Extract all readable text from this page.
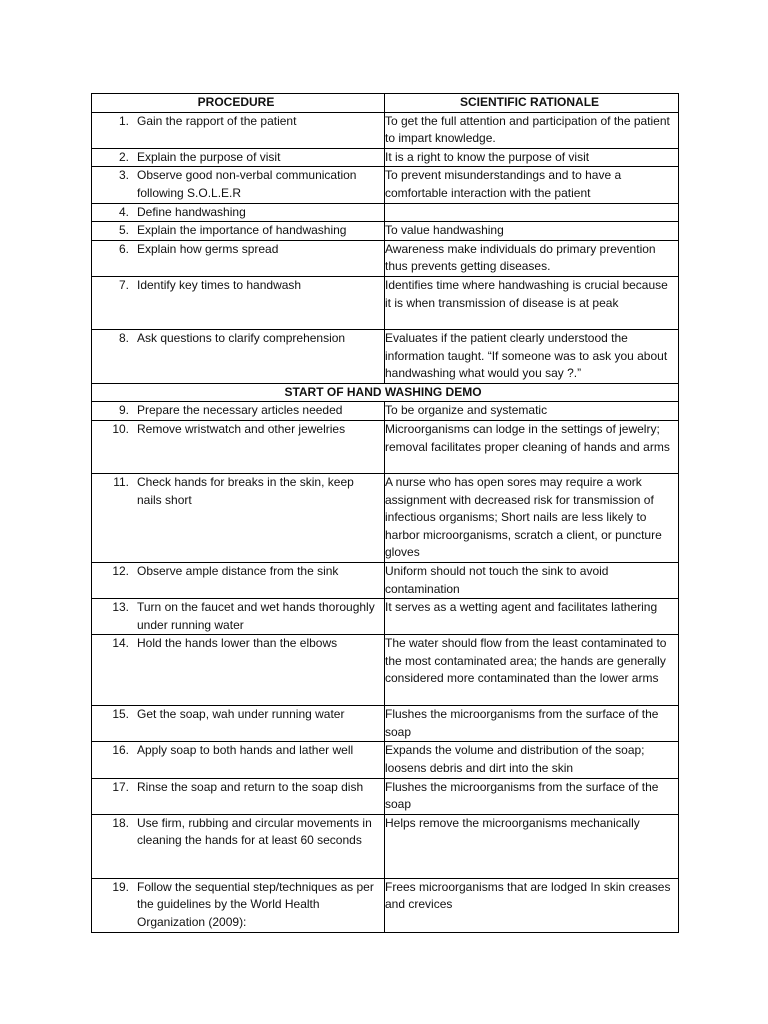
PROCEDURE	SCIENTIFIC RATIONALE

1. Gain the rapport of the patient	To get the full attention and participation of the patient to impart knowledge.

2. Explain the purpose of visit	It is a right to know the purpose of visit

3. Observe good non-verbal communication following S.O.L.E.R	To prevent misunderstandings and to have a comfortable interaction with the patient

4. Define handwashing	

5. Explain the importance of handwashing	To value handwashing

6. Explain how germs spread	Awareness make individuals do primary prevention thus prevents getting diseases.

7. Identify key times to handwash	Identifies time where handwashing is crucial because it is when transmission of disease is at peak

8. Ask questions to clarify comprehension	Evaluates if the patient clearly understood the information taught. “If someone was to ask you about handwashing what would you say ?.”
START OF HAND WASHING DEMO	

9. Prepare the necessary articles needed	To be organize and systematic

10. Remove wristwatch and other jewelries	Microorganisms can lodge in the settings of jewelry; removal facilitates proper cleaning of hands and arms

11. Check hands for breaks in the skin, keep nails short	A nurse who has open sores may require a work assignment with decreased risk for transmission of infectious organisms; Short nails are less likely to harbor microorganisms, scratch a client, or puncture gloves

12. Observe ample distance from the sink	Uniform should not touch the sink to avoid contamination

13. Turn on the faucet and wet hands thoroughly under running water	It serves as a wetting agent and facilitates lathering

14. Hold the hands lower than the elbows	The water should flow from the least contaminated to the most contaminated area; the hands are generally considered more contaminated than the lower arms

15. Get the soap, wah under running water	Flushes the microorganisms from the surface of the soap

16. Apply soap to both hands and lather well	Expands the volume and distribution of the soap; loosens debris and dirt into the skin

17. Rinse the soap and return to the soap dish	Flushes the microorganisms from the surface of the soap

18. Use firm, rubbing and circular movements in cleaning the hands for at least 60 seconds	Helps remove the microorganisms mechanically

19. Follow the sequential step/techniques as per the guidelines by the World Health Organization (2009):	Frees microorganisms that are lodged In skin creases and crevices
